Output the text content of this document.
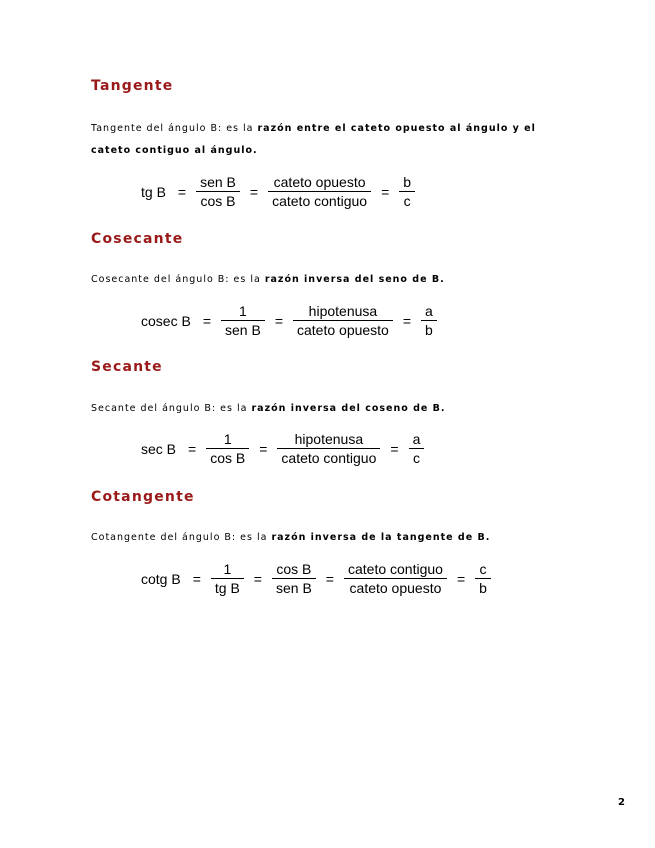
Tangente

Tangente del ángulo B: es la razón entre el cateto opuesto al ángulo y el cateto contiguo al ángulo.

tg $B = \frac{\text{sen B}}{\text{cos B}} = \frac{\text{cateto opuesto}}{\text{cateto contiguo}} = \frac{b}{c}$
Cosecante

Cosecante del ángulo B: es la razón inversa del seno de B.

cosec $B = \frac{1}{\text{sen B}} = \frac{\text{hipotenusa}}{\text{cateto opuesto}} = \frac{a}{b}$
Secante

Secante del ángulo B: es la razón inversa del coseno de B.

$\sec B = \frac{1}{\text{cos B}} = \frac{\text{hipotenusa}}{\text{cateto contiguo}} = \frac{a}{c}$
Cotangente

Cotangente del ángulo B: es la razón inversa de la tangente de B.

cotg $B = \frac{1}{\text{tg B}} = \frac{\text{cos B}}{\text{sen B}} = \frac{\text{cateto contiguo}}{\text{cateto opuesto}} = \frac{c}{b}$
2
